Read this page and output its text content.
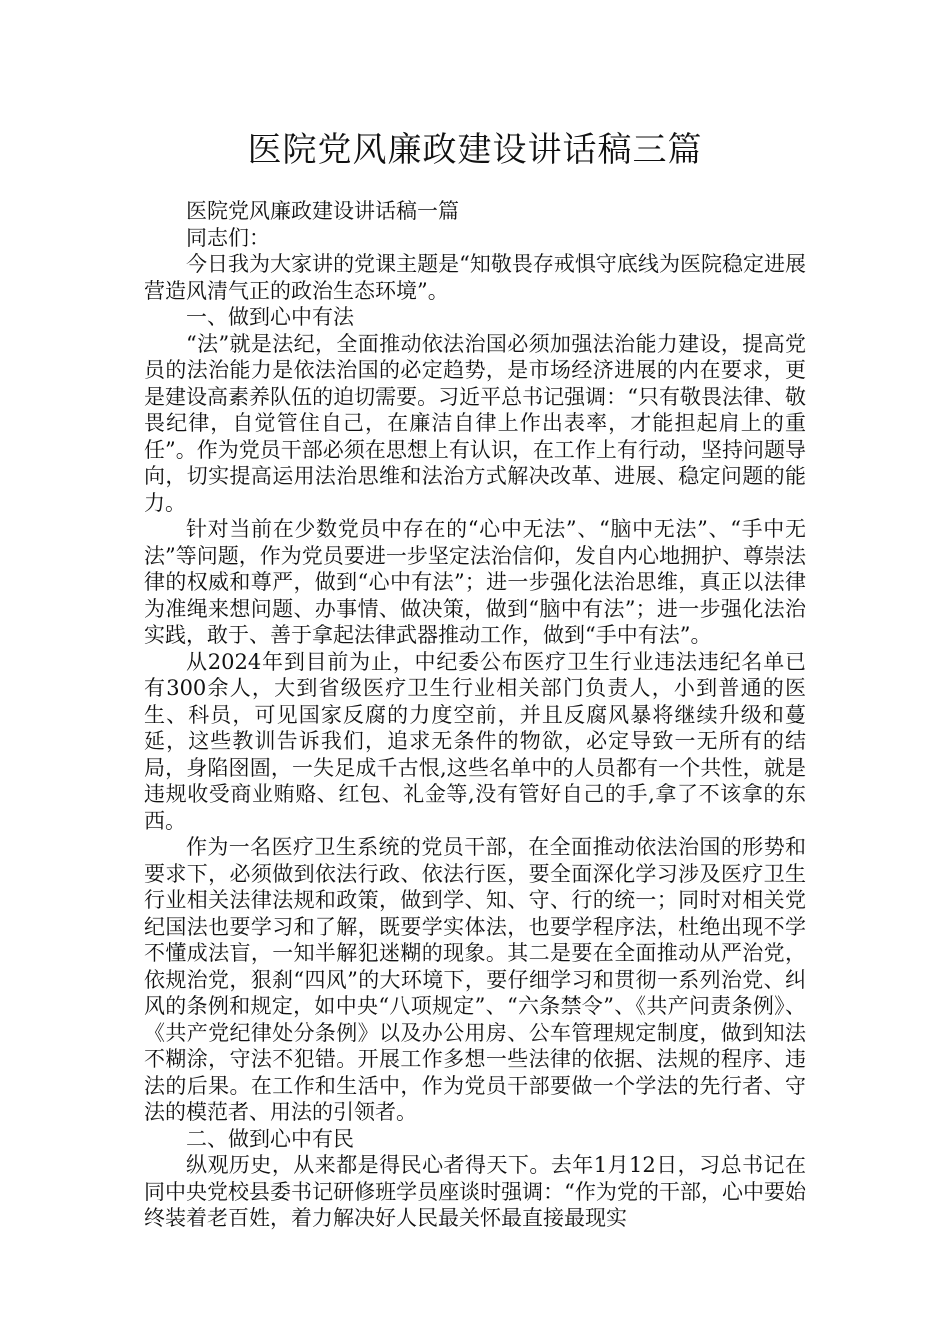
医院党风廉政建设讲话稿三篇

医院党风廉政建设讲话稿一篇

同志们：

今日我为大家讲的党课主题是“知敬畏存戒惧守底线为医院稳定进展营造风清气正的政治生态环境”。

一、做到心中有法

“法”就是法纪，全面推动依法治国必须加强法治能力建设，提高党员的法治能力是依法治国的必定趋势，是市场经济进展的内在要求，更是建设高素养队伍的迫切需要。习近平总书记强调：“只有敬畏法律、敬畏纪律，自觉管住自己，在廉洁自律上作出表率，才能担起肩上的重任”。作为党员干部必须在思想上有认识，在工作上有行动，坚持问题导向，切实提高运用法治思维和法治方式解决改革、进展、稳定问题的能力。

针对当前在少数党员中存在的“心中无法”、“脑中无法”、“手中无法”等问题，作为党员要进一步坚定法治信仰，发自内心地拥护、尊崇法律的权威和尊严，做到“心中有法”；进一步强化法治思维，真正以法律为准绳来想问题、办事情、做决策，做到“脑中有法”；进一步强化法治实践，敢于、善于拿起法律武器推动工作，做到“手中有法”。

从2024年到目前为止，中纪委公布医疗卫生行业违法违纪名单已有300余人，大到省级医疗卫生行业相关部门负责人，小到普通的医生、科员，可见国家反腐的力度空前，并且反腐风暴将继续升级和蔓延，这些教训告诉我们，追求无条件的物欲，必定导致一无所有的结局，身陷囹圄，一失足成千古恨,这些名单中的人员都有一个共性，就是违规收受商业贿赂、红包、礼金等,没有管好自己的手,拿了不该拿的东西。

作为一名医疗卫生系统的党员干部，在全面推动依法治国的形势和要求下，必须做到依法行政、依法行医，要全面深化学习涉及医疗卫生行业相关法律法规和政策，做到学、知、守、行的统一；同时对相关党纪国法也要学习和了解，既要学实体法，也要学程序法，杜绝出现不学不懂成法盲，一知半解犯迷糊的现象。其二是要在全面推动从严治党，依规治党，狠刹“四风”的大环境下，要仔细学习和贯彻一系列治党、纠风的条例和规定，如中央“八项规定”、“六条禁令”、《共产问责条例》、《共产党纪律处分条例》以及办公用房、公车管理规定制度，做到知法不糊涂，守法不犯错。开展工作多想一些法律的依据、法规的程序、违法的后果。在工作和生活中，作为党员干部要做一个学法的先行者、守法的模范者、用法的引领者。

二、做到心中有民

纵观历史，从来都是得民心者得天下。去年1月12日，习总书记在同中央党校县委书记研修班学员座谈时强调：“作为党的干部，心中要始终装着老百姓，着力解决好人民最关怀最直接最现实
